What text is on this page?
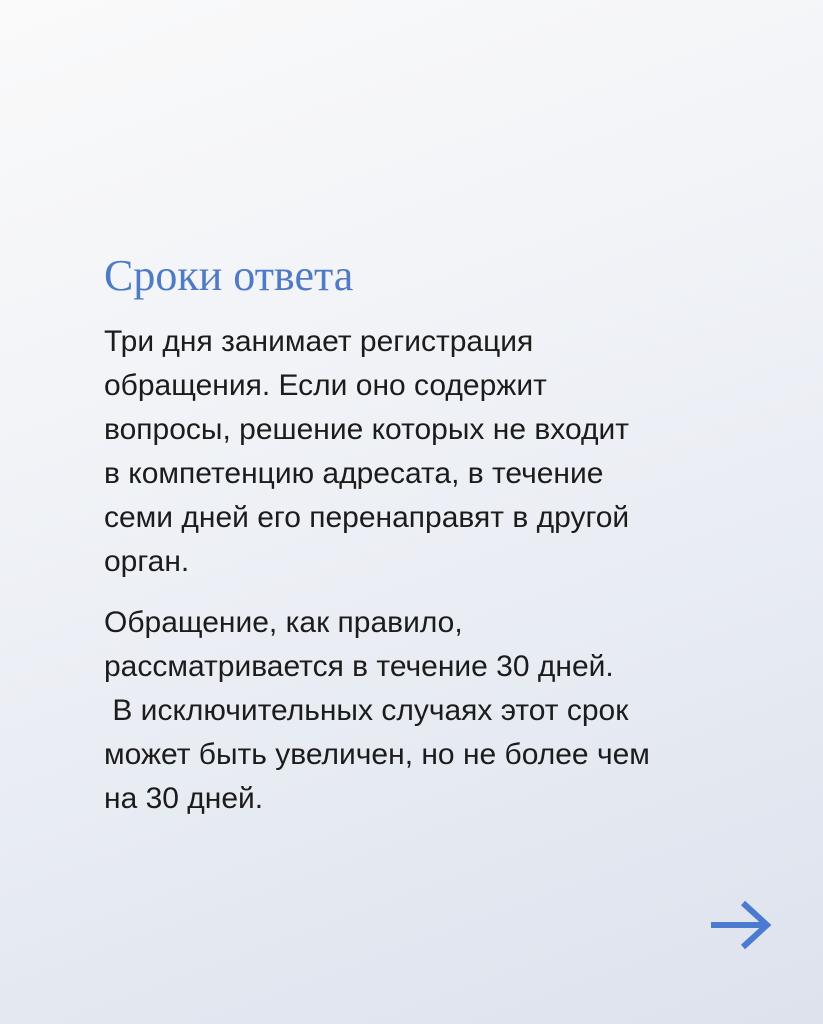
Сроки ответа

Три дня занимает регистрация
обращения. Если оно содержит
вопросы, решение которых не входит
в компетенцию адресата, в течение
семи дней его перенаправят в другой
орган.

Обращение, как правило,
рассматривается в течение 30 дней.
В исключительных случаях этот срок
может быть увеличен, но не более чем
на 30 дней.
